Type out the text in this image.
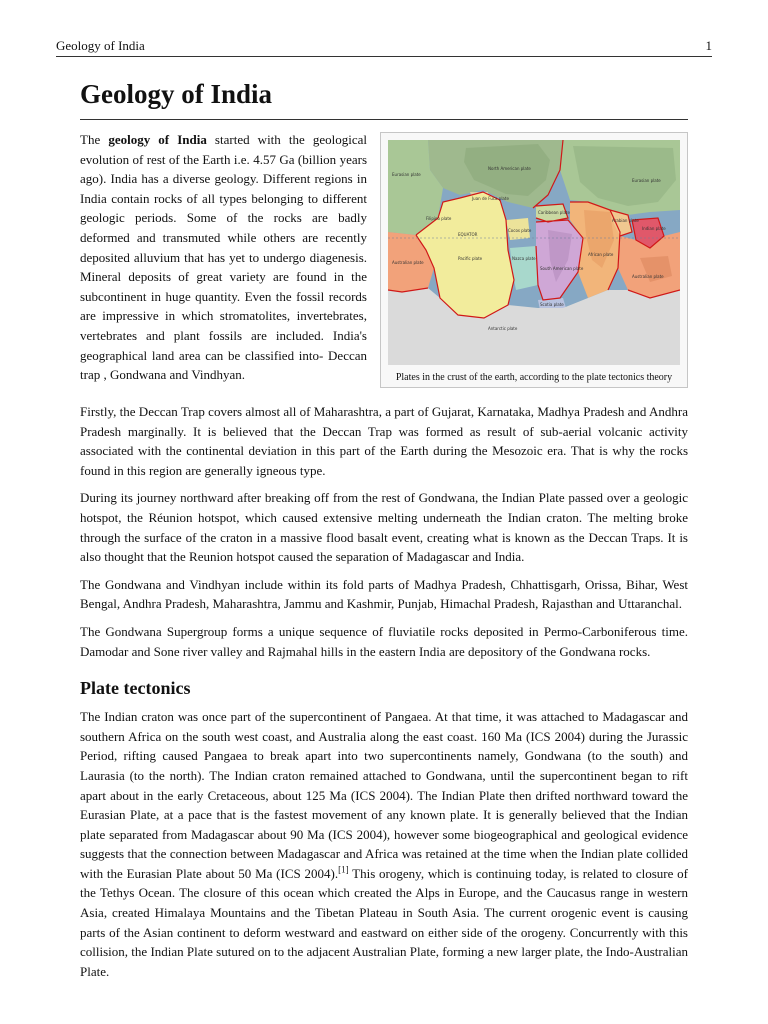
Geology of India	1
Geology of India
North American plate
Eurasian plate
Eurasian plate
Juan de Fuca plate
Caribbean plate
Filipino plate
Cocos plate
Arabian plate
Indian plate
EQUATOR
Australian plate
Pacific plate	Nazca plate
South American plate
African plate
Australian plate
Scotia plate
Antarctic plate
Plates in the crust of the earth, according to the plate tectonics theory

The geology of India started with the geological evolution of rest of the Earth i.e. 4.57 Ga (billion years ago). India has a diverse geology. Different regions in India contain rocks of all types belonging to different geologic periods. Some of the rocks are badly deformed and transmuted while others are recently deposited alluvium that has yet to undergo diagenesis. Mineral deposits of great variety are found in the subcontinent in huge quantity. Even the fossil records are impressive in which stromatolites, invertebrates, vertebrates and plant fossils are included. India's geographical land area can be classified into- Deccan trap , Gondwana and Vindhyan.

Firstly, the Deccan Trap covers almost all of Maharashtra, a part of Gujarat, Karnataka, Madhya Pradesh and Andhra Pradesh marginally. It is believed that the Deccan Trap was formed as result of sub-aerial volcanic activity associated with the continental deviation in this part of the Earth during the Mesozoic era. That is why the rocks found in this region are generally igneous type.

During its journey northward after breaking off from the rest of Gondwana, the Indian Plate passed over a geologic hotspot, the Réunion hotspot, which caused extensive melting underneath the Indian craton. The melting broke through the surface of the craton in a massive flood basalt event, creating what is known as the Deccan Traps. It is also thought that the Reunion hotspot caused the separation of Madagascar and India.

The Gondwana and Vindhyan include within its fold parts of Madhya Pradesh, Chhattisgarh, Orissa, Bihar, West Bengal, Andhra Pradesh, Maharashtra, Jammu and Kashmir, Punjab, Himachal Pradesh, Rajasthan and Uttaranchal.

The Gondwana Supergroup forms a unique sequence of fluviatile rocks deposited in Permo-Carboniferous time. Damodar and Sone river valley and Rajmahal hills in the eastern India are depository of the Gondwana rocks.

Plate tectonics

The Indian craton was once part of the supercontinent of Pangaea. At that time, it was attached to Madagascar and southern Africa on the south west coast, and Australia along the east coast. 160 Ma (ICS 2004) during the Jurassic Period, rifting caused Pangaea to break apart into two supercontinents namely, Gondwana (to the south) and Laurasia (to the north). The Indian craton remained attached to Gondwana, until the supercontinent began to rift apart about in the early Cretaceous, about 125 Ma (ICS 2004). The Indian Plate then drifted northward toward the Eurasian Plate, at a pace that is the fastest movement of any known plate. It is generally believed that the Indian plate separated from Madagascar about 90 Ma (ICS 2004), however some biogeographical and geological evidence suggests that the connection between Madagascar and Africa was retained at the time when the Indian plate collided with the Eurasian Plate about 50 Ma (ICS 2004).[1] This orogeny, which is continuing today, is related to closure of the Tethys Ocean. The closure of this ocean which created the Alps in Europe, and the Caucasus range in western Asia, created Himalaya Mountains and the Tibetan Plateau in South Asia. The current orogenic event is causing parts of the Asian continent to deform westward and eastward on either side of the orogeny. Concurrently with this collision, the Indian Plate sutured on to the adjacent Australian Plate, forming a new larger plate, the Indo-Australian Plate.
